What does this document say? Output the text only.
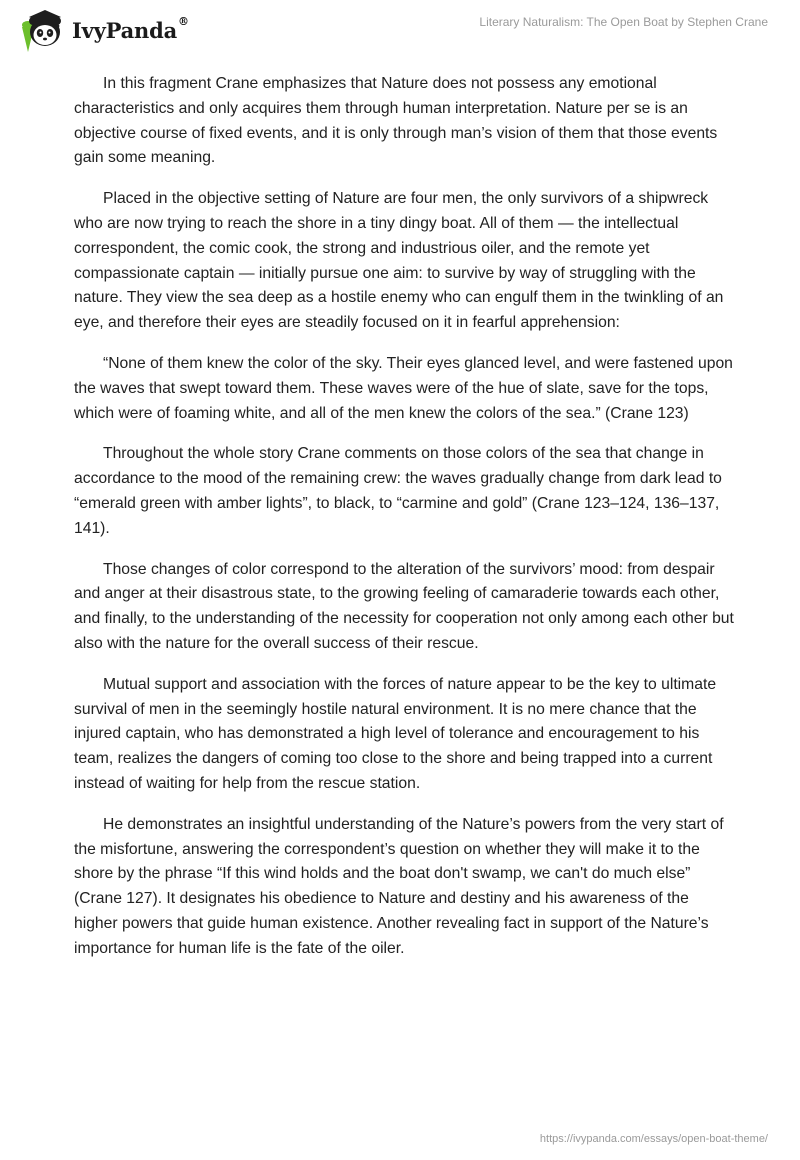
IvyPanda®	Literary Naturalism: The Open Boat by Stephen Crane

In this fragment Crane emphasizes that Nature does not possess any emotional characteristics and only acquires them through human interpretation. Nature per se is an objective course of fixed events, and it is only through man’s vision of them that those events gain some meaning.

Placed in the objective setting of Nature are four men, the only survivors of a shipwreck who are now trying to reach the shore in a tiny dingy boat. All of them — the intellectual correspondent, the comic cook, the strong and industrious oiler, and the remote yet compassionate captain — initially pursue one aim: to survive by way of struggling with the nature. They view the sea deep as a hostile enemy who can engulf them in the twinkling of an eye, and therefore their eyes are steadily focused on it in fearful apprehension:

“None of them knew the color of the sky. Their eyes glanced level, and were fastened upon the waves that swept toward them. These waves were of the hue of slate, save for the tops, which were of foaming white, and all of the men knew the colors of the sea.” (Crane 123)

Throughout the whole story Crane comments on those colors of the sea that change in accordance to the mood of the remaining crew: the waves gradually change from dark lead to “emerald green with amber lights”, to black, to “carmine and gold” (Crane 123–124, 136–137, 141).

Those changes of color correspond to the alteration of the survivors’ mood: from despair and anger at their disastrous state, to the growing feeling of camaraderie towards each other, and finally, to the understanding of the necessity for cooperation not only among each other but also with the nature for the overall success of their rescue.

Mutual support and association with the forces of nature appear to be the key to ultimate survival of men in the seemingly hostile natural environment. It is no mere chance that the injured captain, who has demonstrated a high level of tolerance and encouragement to his team, realizes the dangers of coming too close to the shore and being trapped into a current instead of waiting for help from the rescue station.

He demonstrates an insightful understanding of the Nature’s powers from the very start of the misfortune, answering the correspondent’s question on whether they will make it to the shore by the phrase “If this wind holds and the boat don't swamp, we can't do much else” (Crane 127). It designates his obedience to Nature and destiny and his awareness of the higher powers that guide human existence. Another revealing fact in support of the Nature’s importance for human life is the fate of the oiler.

https://ivypanda.com/essays/open-boat-theme/
